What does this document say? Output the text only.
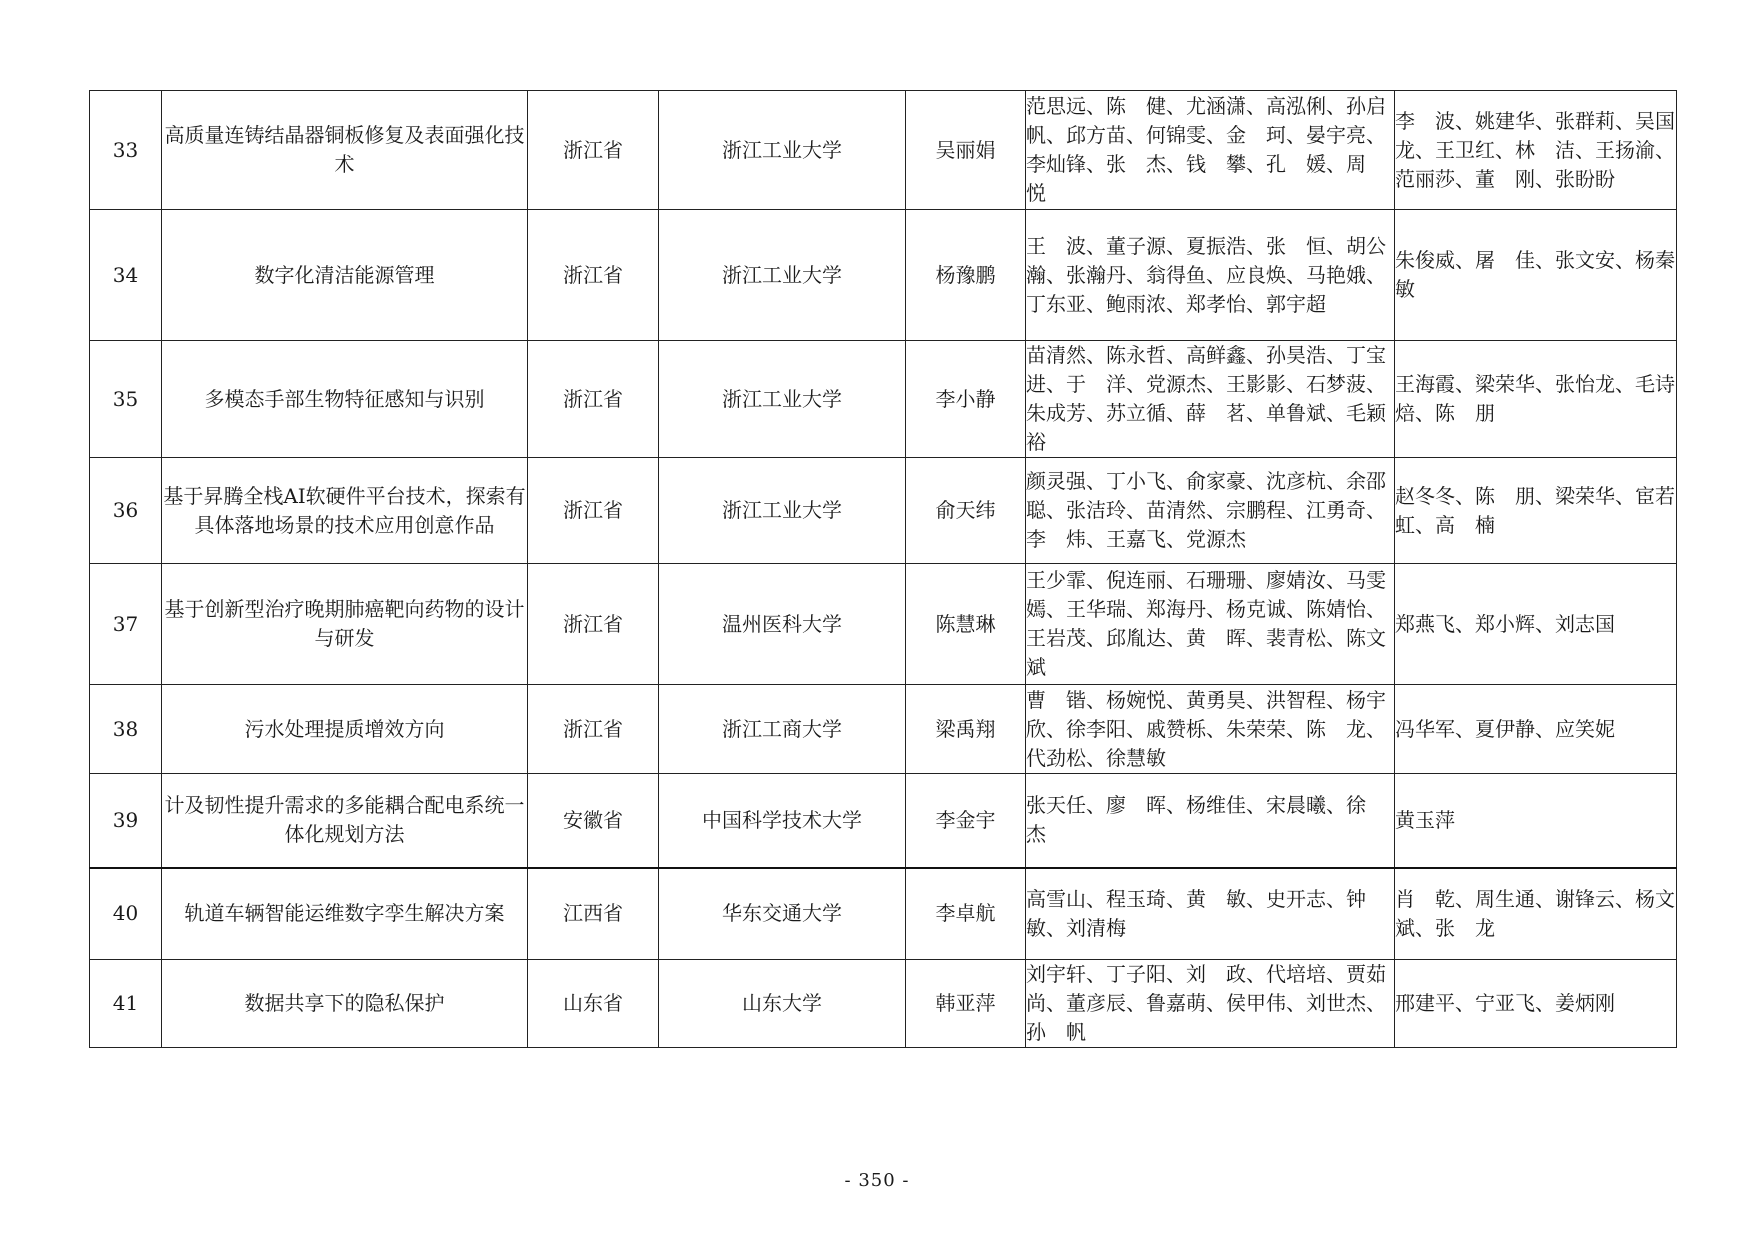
33	高质量连铸结晶器铜板修复及表面强化技术	浙江省	浙江工业大学	吴丽娟	范思远、陈　健、尤涵潇、高泓俐、孙启帆、邱方苗、何锦雯、金　珂、晏宇亮、李灿锋、张　杰、钱　攀、孔　媛、周　悦	李　波、姚建华、张群莉、吴国龙、王卫红、林　洁、王扬渝、范丽莎、董　刚、张盼盼
34	数字化清洁能源管理	浙江省	浙江工业大学	杨豫鹏	王　波、董子源、夏振浩、张　恒、胡公瀚、张瀚丹、翁得鱼、应良焕、马艳娥、丁东亚、鲍雨浓、郑孝怡、郭宇超	朱俊威、屠　佳、张文安、杨秦敏
35	多模态手部生物特征感知与识别	浙江省	浙江工业大学	李小静	苗清然、陈永哲、高鲜鑫、孙昊浩、丁宝进、于　洋、党源杰、王影影、石梦菠、朱成芳、苏立循、薛　茗、单鲁斌、毛颖裕	王海霞、梁荣华、张怡龙、毛诗焙、陈　朋
36	基于昇腾全栈AI软硬件平台技术，探索有具体落地场景的技术应用创意作品	浙江省	浙江工业大学	俞天纬	颜灵强、丁小飞、俞家豪、沈彦杭、余邵聪、张洁玲、苗清然、宗鹏程、江勇奇、李　炜、王嘉飞、党源杰	赵冬冬、陈　朋、梁荣华、宦若虹、高　楠
37	基于创新型治疗晚期肺癌靶向药物的设计与研发	浙江省	温州医科大学	陈慧琳	王少霏、倪连丽、石珊珊、廖婧汝、马雯嫣、王华瑞、郑海丹、杨克诚、陈婧怡、王岩茂、邱胤达、黄　晖、裴青松、陈文斌	郑燕飞、郑小辉、刘志国
38	污水处理提质增效方向	浙江省	浙江工商大学	梁禹翔	曹　锴、杨婉悦、黄勇昊、洪智程、杨宇欣、徐李阳、戚赞栎、朱荣荣、陈　龙、代劲松、徐慧敏	冯华军、夏伊静、应笑妮
39	计及韧性提升需求的多能耦合配电系统一体化规划方法	安徽省	中国科学技术大学	李金宇	张天任、廖　晖、杨维佳、宋晨曦、徐　杰	黄玉萍
40	轨道车辆智能运维数字孪生解决方案	江西省	华东交通大学	李卓航	高雪山、程玉琦、黄　敏、史开志、钟　敏、刘清梅	肖　乾、周生通、谢锋云、杨文斌、张　龙
41	数据共享下的隐私保护	山东省	山东大学	韩亚萍	刘宇轩、丁子阳、刘　政、代培培、贾茹尚、董彦辰、鲁嘉萌、侯甲伟、刘世杰、孙　帆	邢建平、宁亚飞、姜炳刚
- 350 -
